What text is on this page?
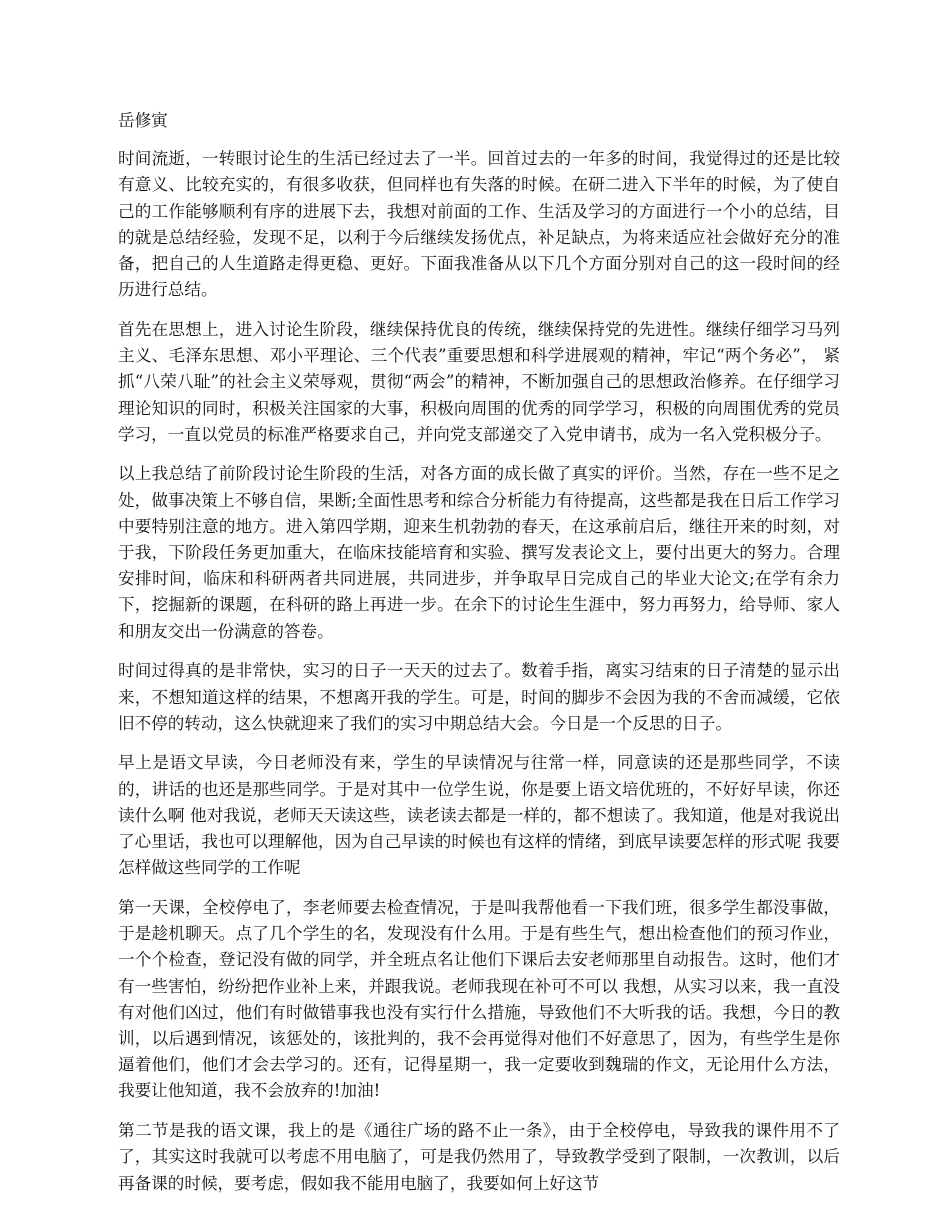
岳修寅

时间流逝，一转眼讨论生的生活已经过去了一半。回首过去的一年多的时间，我觉得过的还是比较有意义、比较充实的，有很多收获，但同样也有失落的时候。在研二进入下半年的时候，为了使自己的工作能够顺利有序的进展下去，我想对前面的工作、生活及学习的方面进行一个小的总结，目的就是总结经验，发现不足，以利于今后继续发扬优点，补足缺点，为将来适应社会做好充分的准备，把自己的人生道路走得更稳、更好。下面我准备从以下几个方面分别对自己的这一段时间的经历进行总结。

首先在思想上，进入讨论生阶段，继续保持优良的传统，继续保持党的先进性。继续仔细学习马列主义、毛泽东思想、邓小平理论、三个代表”重要思想和科学进展观的精神，牢记“两个务必”， 紧抓“八荣八耻”的社会主义荣辱观，贯彻“两会”的精神，不断加强自己的思想政治修养。在仔细学习理论知识的同时，积极关注国家的大事，积极向周围的优秀的同学学习，积极的向周围优秀的党员学习，一直以党员的标准严格要求自己，并向党支部递交了入党申请书，成为一名入党积极分子。

以上我总结了前阶段讨论生阶段的生活，对各方面的成长做了真实的评价。当然，存在一些不足之处，做事决策上不够自信，果断;全面性思考和综合分析能力有待提高，这些都是我在日后工作学习中要特别注意的地方。进入第四学期，迎来生机勃勃的春天，在这承前启后，继往开来的时刻，对于我，下阶段任务更加重大，在临床技能培育和实验、撰写发表论文上，要付出更大的努力。合理安排时间，临床和科研两者共同进展，共同进步，并争取早日完成自己的毕业大论文;在学有余力下，挖掘新的课题，在科研的路上再进一步。在余下的讨论生生涯中，努力再努力，给导师、家人和朋友交出一份满意的答卷。

时间过得真的是非常快，实习的日子一天天的过去了。数着手指，离实习结束的日子清楚的显示出来，不想知道这样的结果，不想离开我的学生。可是，时间的脚步不会因为我的不舍而减缓，它依旧不停的转动，这么快就迎来了我们的实习中期总结大会。今日是一个反思的日子。

早上是语文早读，今日老师没有来，学生的早读情况与往常一样，同意读的还是那些同学，不读的，讲话的也还是那些同学。于是对其中一位学生说，你是要上语文培优班的，不好好早读，你还读什么啊 他对我说，老师天天读这些，读老读去都是一样的，都不想读了。我知道，他是对我说出了心里话，我也可以理解他，因为自己早读的时候也有这样的情绪，到底早读要怎样的形式呢 我要怎样做这些同学的工作呢

第一天课，全校停电了，李老师要去检查情况，于是叫我帮他看一下我们班，很多学生都没事做，于是趁机聊天。点了几个学生的名，发现没有什么用。于是有些生气，想出检查他们的预习作业，一个个检查，登记没有做的同学，并全班点名让他们下课后去安老师那里自动报告。这时，他们才有一些害怕，纷纷把作业补上来，并跟我说。老师我现在补可不可以 我想，从实习以来，我一直没有对他们凶过，他们有时做错事我也没有实行什么措施，导致他们不大听我的话。我想，今日的教训，以后遇到情况，该惩处的，该批判的，我不会再觉得对他们不好意思了，因为，有些学生是你逼着他们，他们才会去学习的。还有，记得星期一，我一定要收到魏瑞的作文，无论用什么方法，我要让他知道，我不会放弃的!加油!

第二节是我的语文课，我上的是《通往广场的路不止一条》，由于全校停电，导致我的课件用不了了，其实这时我就可以考虑不用电脑了，可是我仍然用了，导致教学受到了限制，一次教训，以后再备课的时候，要考虑，假如我不能用电脑了，我要如何上好这节
